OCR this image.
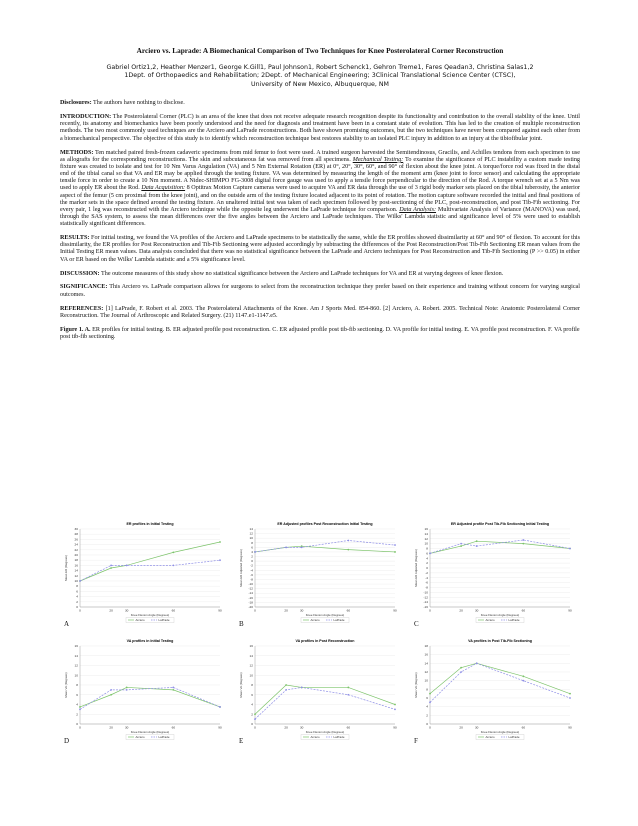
Arciero vs. Laprade: A Biomechanical Comparison of Two Techniques for Knee Posterolateral Corner Reconstruction
Gabriel Ortiz1,2, Heather Menzer1, George K.Gill1, Paul Johnson1, Robert Schenck1, Gehron Treme1, Fares Qeadan3, Christina Salas1,2
1Dept. of Orthopaedics and Rehabilitation; 2Dept. of Mechanical Engineering; 3Clinical Translational Science Center (CTSC),
University of New Mexico, Albuquerque, NM

Disclosures: The authors have nothing to disclose.

INTRODUCTION: The Posterolateral Corner (PLC) is an area of the knee that does not receive adequate research recognition despite its functionality and contribution to the overall stability of the knee. Until recently, its anatomy and biomechanics have been poorly understood and the need for diagnosis and treatment have been in a constant state of evolution. This has led to the creation of multiple reconstruction methods. The two most commonly used techniques are the Arciero and LaPrade reconstructions. Both have shown promising outcomes, but the two techniques have never been compared against each other from a biomechanical perspective. The objective of this study is to identify which reconstruction technique best restores stability to an isolated PLC injury in addition to an injury at the tibiofibular joint.

METHODS: Ten matched paired fresh-frozen cadaveric specimens from mid femur to foot were used. A trained surgeon harvested the Semitendinosus, Gracilis, and Achilles tendons from each specimen to use as allografts for the corresponding reconstructions. The skin and subcutaneous fat was removed from all specimens. Mechanical Testing: To examine the significance of PLC instability a custom made testing fixture was created to isolate and test for 10 Nm Varus Angulation (VA) and 5 Nm External Rotation (ER) at 0°, 20°, 30°, 60°, and 90° of flexion about the knee joint. A torque/force rod was fixed in the distal end of the tibial canal so that VA and ER may be applied through the testing fixture. VA was determined by measuring the length of the moment arm (knee joint to force sensor) and calculating the appropriate tensile force in order to create a 10 Nm moment. A Nidec-SHIMPO FG-3008 digital force gauge was used to apply a tensile force perpendicular to the direction of the Rod. A torque wrench set at a 5 Nm was used to apply ER about the Rod. Data Acquisition: 8 Optitrax Motion Capture cameras were used to acquire VA and ER data through the use of 3 rigid body marker sets placed on the tibial tuberosity, the anterior aspect of the femur (5 cm proximal from the knee joint), and on the outside arm of the testing fixture located adjacent to its point of rotation. The motion capture software recorded the initial and final positions of the marker sets in the space defined around the testing fixture. An unaltered initial test was taken of each specimen followed by post-sectioning of the PLC, post-reconstruction, and post Tib-Fib sectioning. For every pair, 1 leg was reconstructed with the Arciero technique while the opposite leg underwent the LaPrade technique for comparison. Data Analysis: Multivariate Analysis of Variance (MANOVA) was used, through the SAS system, to assess the mean differences over the five angles between the Arciero and LaPrade techniques. The Wilks' Lambda statistic and significance level of 5% were used to establish statistically significant differences.

RESULTS: For initial testing, we found the VA profiles of the Arciero and LaPrade specimens to be statistically the same, while the ER profiles showed dissimilarity at 60° and 90° of flexion. To account for this dissimilarity, the ER profiles for Post Reconstruction and Tib-Fib Sectioning were adjusted accordingly by subtracting the differences of the Post Reconstruction/Post Tib-Fib Sectioning ER mean values from the Initial Testing ER mean values. Data analysis concluded that there was no statistical significance between the LaPrade and Arciero techniques for Post Reconstruction and Tib-Fib Sectioning (P >> 0.05) in either VA or ER based on the Wilks' Lambda statistic and a 5% significance level.

DISCUSSION: The outcome measures of this study show no statistical significance between the Arciero and LaPrade techniques for VA and ER at varying degrees of knee flexion.

SIGNIFICANCE: This Arciero vs. LaPrade comparison allows for surgeons to select from the reconstruction technique they prefer based on their experience and training without concern for varying surgical outcomes.

REFERENCES: [1] LaPrade, F. Robert et al. 2003. The Posterolateral Attachments of the Knee. Am J Sports Med. 854-860. [2] Arciero, A. Robert. 2005. Technical Note: Anatomic Posterolateral Corner Reconstruction. The Journal of Arthroscopic and Related Surgery. (21) 1147.e1-1147.e5.

Figure 1. A. ER profiles for initial testing. B. ER adjusted profile post reconstruction. C. ER adjusted profile post tib-fib sectioning. D. VA profile for initial testing. E. VA profile post reconstruction. F. VA profile post tib-fib sectioning.

ER profiles in Initial Testing
0
2
4
6
8
10
12
14
16
18
20
22
24
26
28
30
0	20	30	60	90
Knee Flexion Angle (Degrees)
Mean ER (Degrees)
Arciero	LaPrade
A
ER Adjusted profiles Post Reconstruction Initial Testing
-20
-18
-16
-14
-12
-10
-8
-6
-4
-2
0
2
4
6
8
10
12
14
0	20	30	60	90
Knee Flexion Angle (Degrees)
Mean ER Adjusted (Degrees)
Arciero	LaPrade
B
ER Adjusted profile Post Tib-Fib Sectioning Initial Testing
-16
-14
-12
-10
-8
-6
-4
-2
0
2
4
6
8
10
12
14
16
0	20	30	60	90
Knee Flexion Angle (Degrees)
Mean ER Adjusted (Degrees)
Arciero	LaPrade
C
VA profiles in Initial Testing
0
2
4
6
8
10
12
14
16
0	20	30	60	90
Knee Flexion Angle (Degrees)
Mean VA (Degrees)
Arciero	LaPrade
D
VA profiles in Post Reconstruction
0
2
4
6
8
10
12
14
16
0	20	30	60	90
Knee Flexion Angle (Degrees)
Mean VA (Degrees)
Arciero	LaPrade
E
VA profiles in Post Tib-Fib Sectioning
0
2
4
6
8
10
12
14
16
18
0	20	30	60	90
Knee Flexion Angle (Degrees)
Mean VA (Degrees)
Arciero	LaPrade
F
